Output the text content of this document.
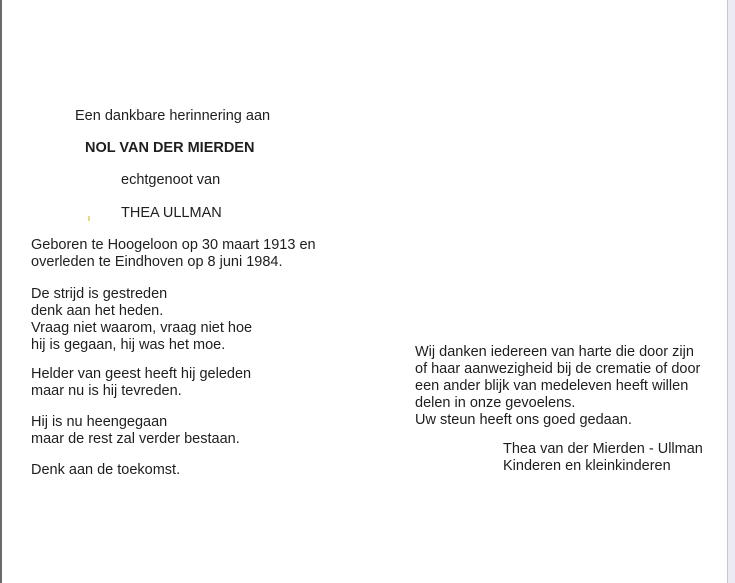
Een dankbare herinnering aan
NOL VAN DER MIERDEN
echtgenoot van
THEA ULLMAN
Geboren te Hoogeloon op 30 maart 1913 en
overleden te Eindhoven op 8 juni 1984.
De strijd is gestreden
denk aan het heden.
Vraag niet waarom, vraag niet hoe
hij is gegaan, hij was het moe.
Helder van geest heeft hij geleden
maar nu is hij tevreden.
Hij is nu heengegaan
maar de rest zal verder bestaan.
Denk aan de toekomst.
Wij danken iedereen van harte die door zijn
of haar aanwezigheid bij de crematie of door
een ander blijk van medeleven heeft willen
delen in onze gevoelens.
Uw steun heeft ons goed gedaan.
Thea van der Mierden - Ullman
Kinderen en kleinkinderen
